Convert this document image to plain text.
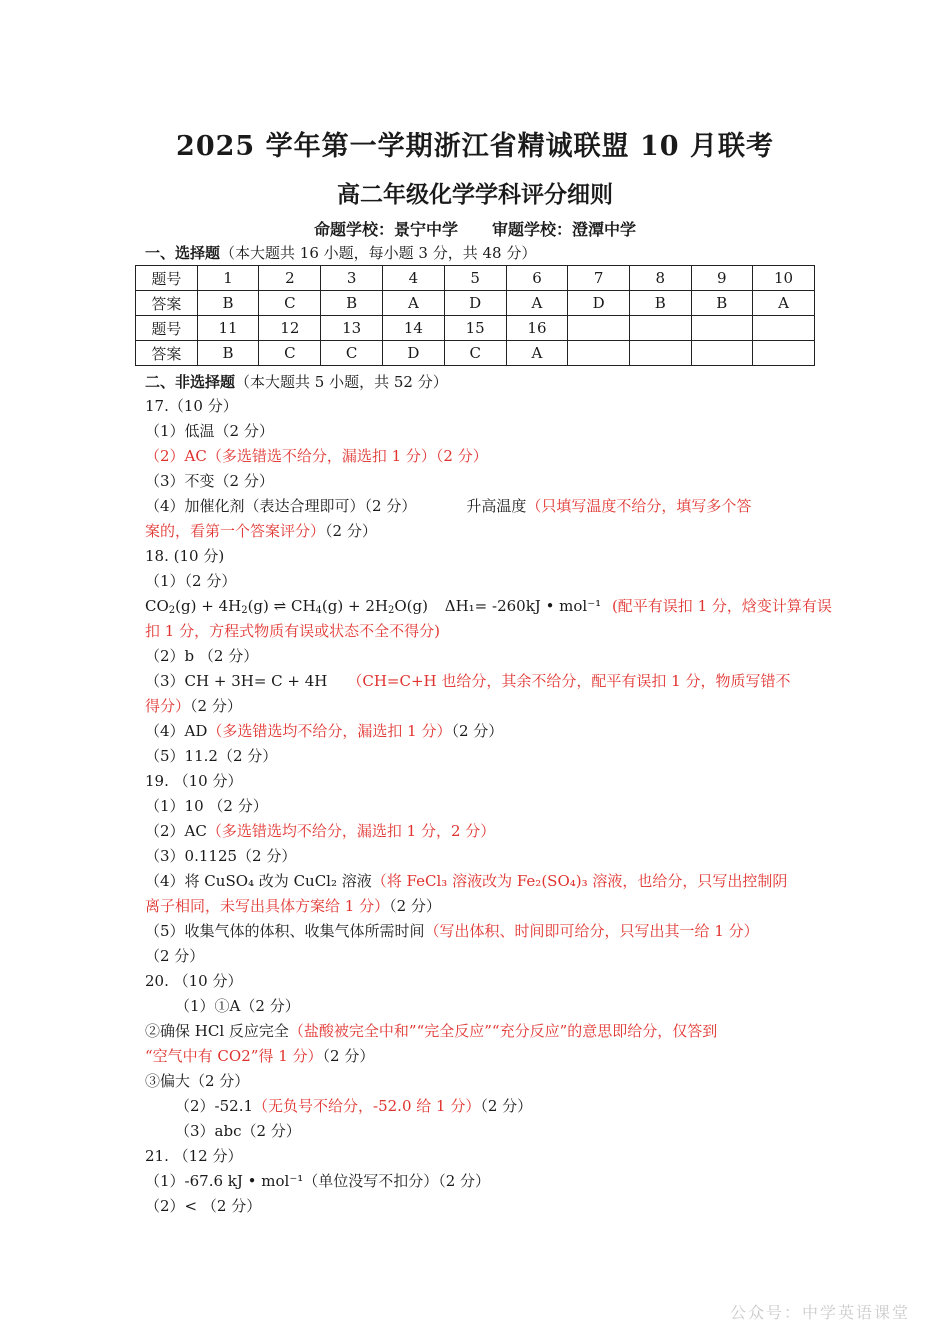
2025 学年第一学期浙江省精诚联盟 10 月联考
高二年级化学学科评分细则
命题学校：景宁中学 审题学校：澄潭中学
一、选择题（本大题共 16 小题，每小题 3 分，共 48 分）
题号	1	2	3	4	5	6	7	8	9	10
答案	B	C	B	A	D	A	D	B	B	A
题号	11	12	13	14	15	16				
答案	B	C	C	D	C	A				
二、非选择题（本大题共 5 小题，共 52 分）
17.（10 分）
（1）低温（2 分）
（2）AC（多选错选不给分，漏选扣 1 分）（2 分）
（3）不变（2 分）
（4）加催化剂（表达合理即可）（2 分）	升高温度（只填写温度不给分，填写多个答
案的，看第一个答案评分）（2 分）
18. (10 分)
（1）（2 分）
$CO_2(g) + 4H_2(g)$ ⇌ $CH_4(g) + 2H_2O(g)$ ΔH₁= -260kJ • mol⁻¹ (配平有误扣 1 分，焓变计算有误
扣 1 分，方程式物质有误或状态不全不得分)
（2）b （2 分）
（3）CH + 3H= C + 4H （CH=C+H 也给分，其余不给分，配平有误扣 1 分，物质写错不
得分）（2 分）
（4）AD（多选错选均不给分，漏选扣 1 分）（2 分）
（5）11.2（2 分）
19. （10 分）
（1）10 （2 分）
（2）AC（多选错选均不给分，漏选扣 1 分，2 分）
（3）0.1125（2 分）
（4）将 CuSO₄ 改为 CuCl₂ 溶液（将 FeCl₃ 溶液改为 Fe₂(SO₄)₃ 溶液，也给分，只写出控制阴
离子相同，未写出具体方案给 1 分）（2 分）
（5）收集气体的体积、收集气体所需时间（写出体积、时间即可给分，只写出其一给 1 分）
（2 分）
20. （10 分）
（1）①A（2 分）
②确保 HCl 反应完全（盐酸被完全中和”“完全反应”“充分反应”的意思即给分，仅答到
“空气中有 CO2”得 1 分）（2 分）
③偏大（2 分）
（2）-52.1（无负号不给分，-52.0 给 1 分）（2 分）
（3）abc（2 分）
21. （12 分）
（1）-67.6 kJ • mol⁻¹（单位没写不扣分）（2 分）
（2）< （2 分）
公众号：中学英语课堂
